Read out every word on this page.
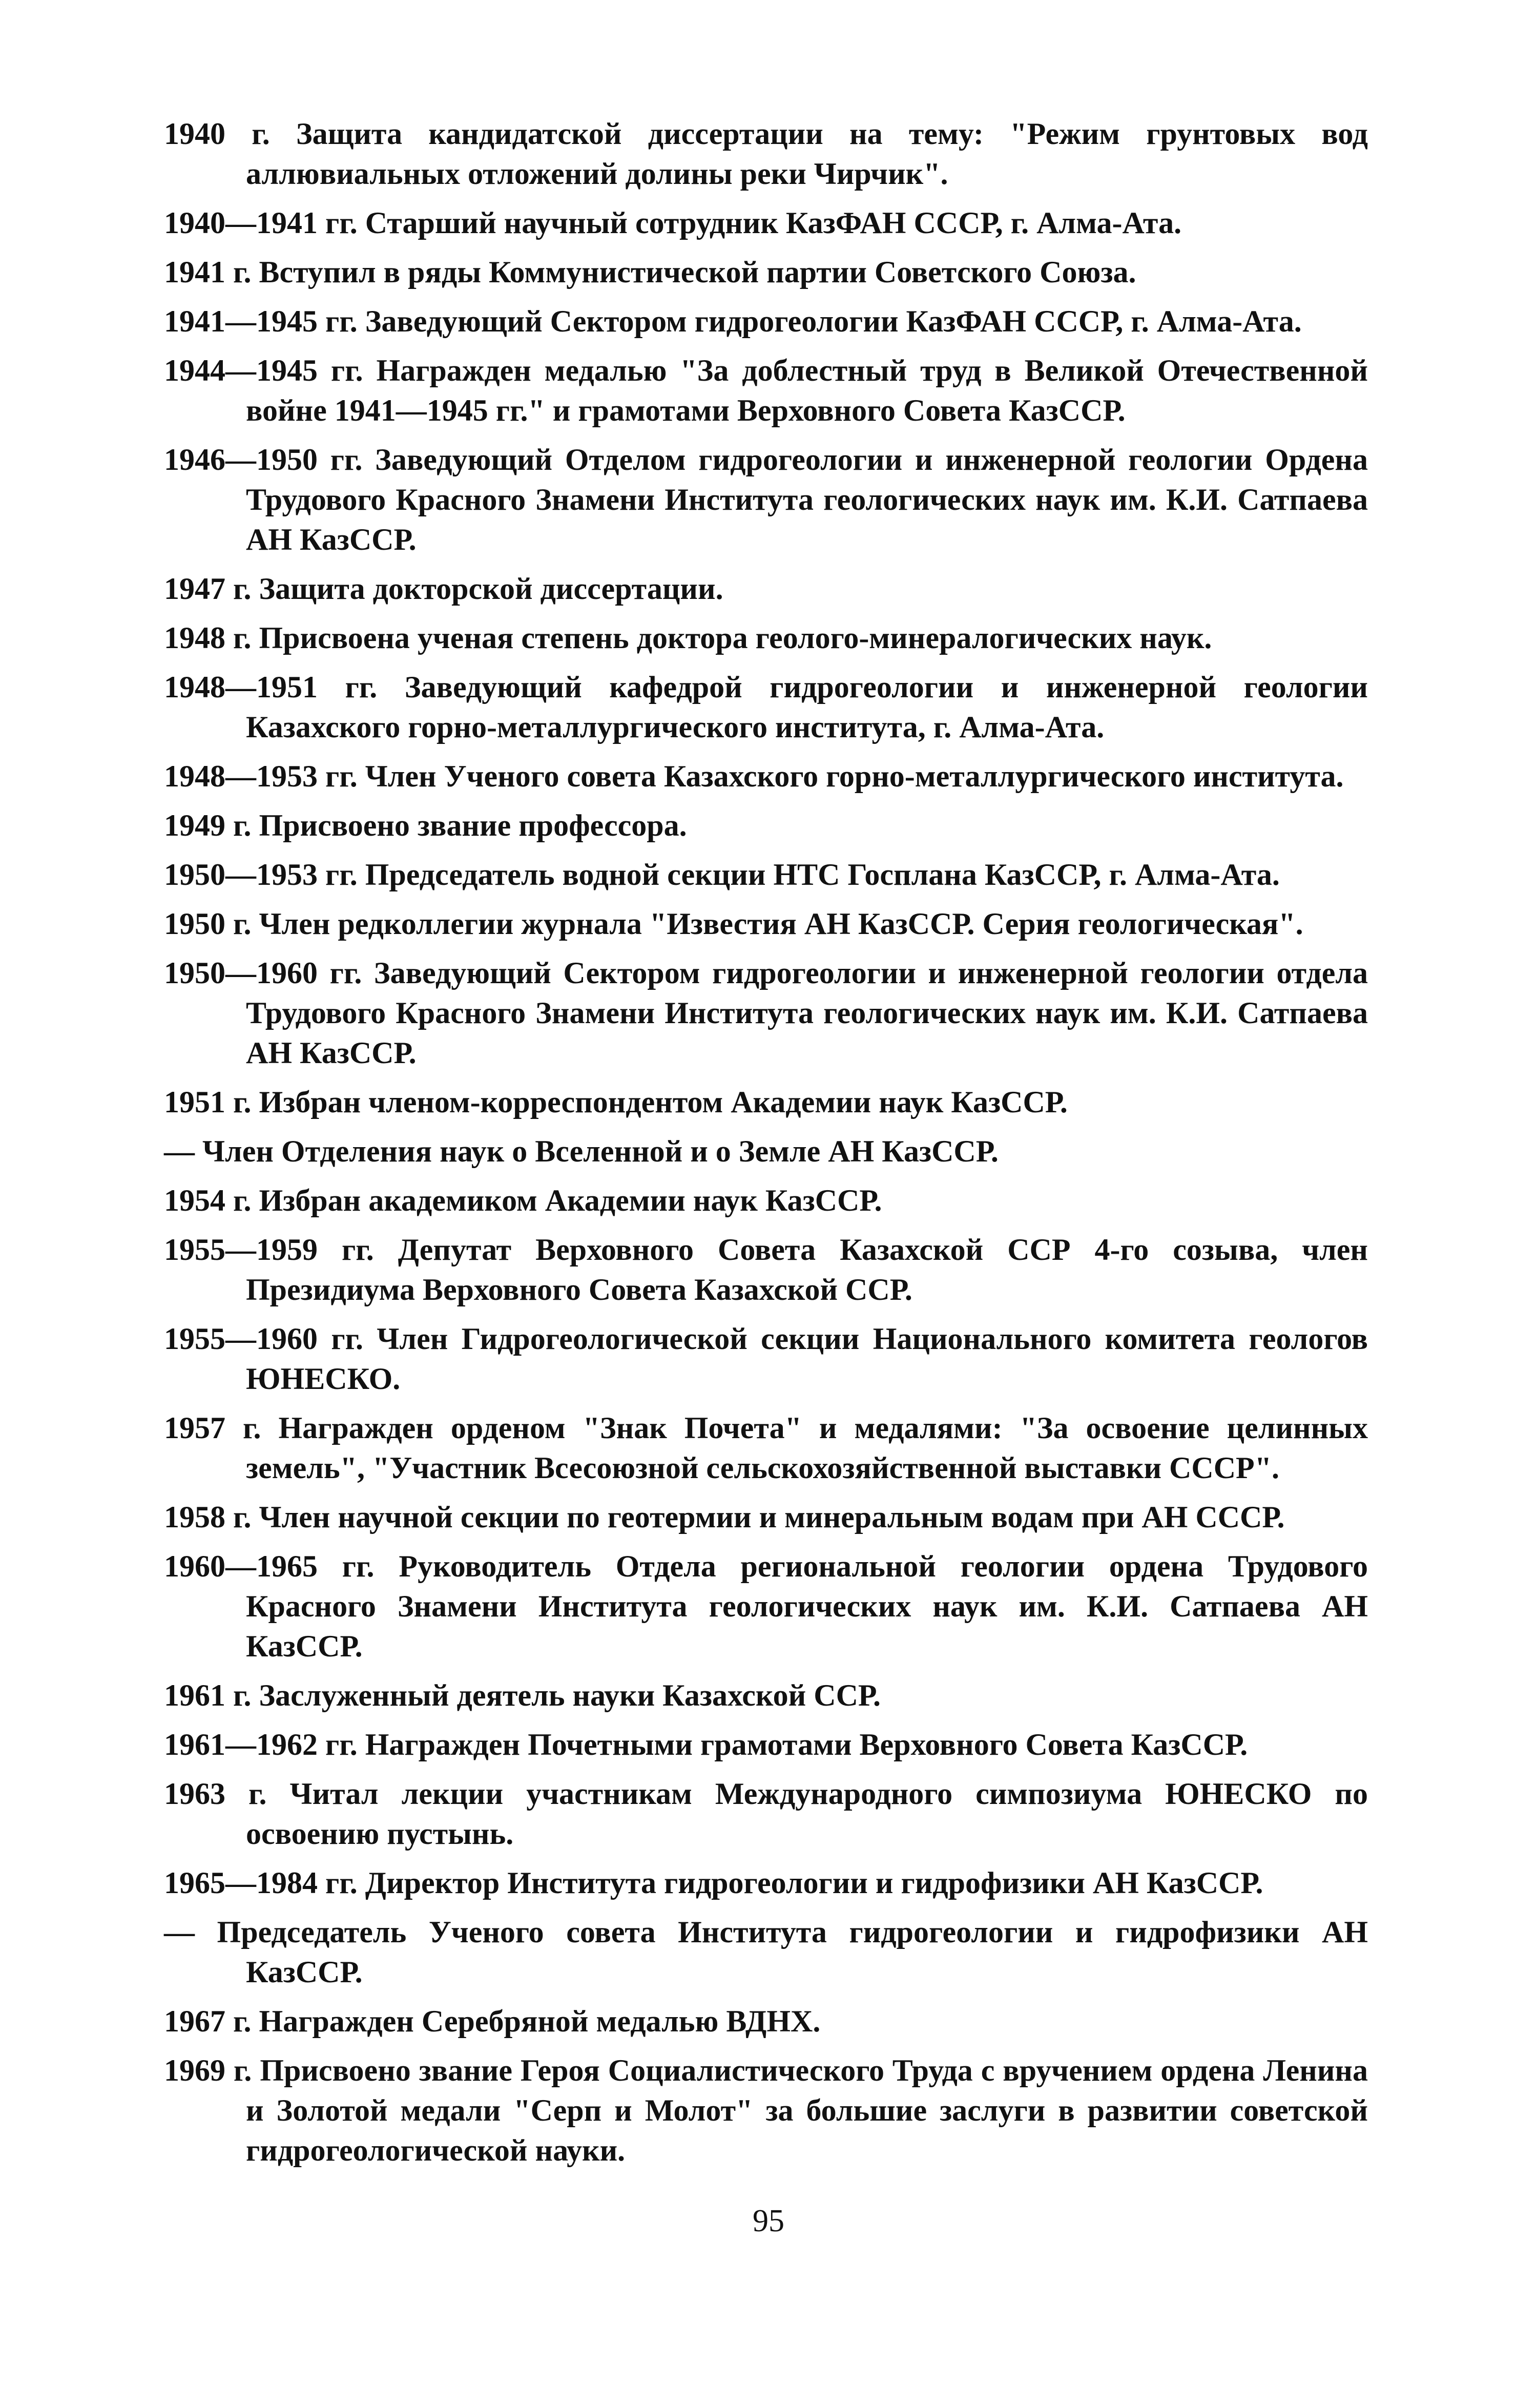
1940 г. Защита кандидатской диссертации на тему: "Режим грунтовых вод аллювиальных отложений долины реки Чирчик".

1940—1941 гг. Старший научный сотрудник КазФАН СССР, г. Алма-Ата.

1941 г. Вступил в ряды Коммунистической партии Советского Союза.

1941—1945 гг. Заведующий Сектором гидрогеологии КазФАН СССР, г. Алма-Ата.

1944—1945 гг. Награжден медалью "За доблестный труд в Великой Отечественной войне 1941—1945 гг." и грамотами Верховного Совета КазССР.

1946—1950 гг. Заведующий Отделом гидрогеологии и инженерной геологии Ордена Трудового Красного Знамени Института геологических наук им. К.И. Сатпаева АН КазССР.

1947 г. Защита докторской диссертации.

1948 г. Присвоена ученая степень доктора геолого-минералогических наук.

1948—1951 гг. Заведующий кафедрой гидрогеологии и инженерной геологии Казахского горно-металлургического института, г. Алма-Ата.

1948—1953 гг. Член Ученого совета Казахского горно-металлургического института.

1949 г. Присвоено звание профессора.

1950—1953 гг. Председатель водной секции НТС Госплана КазССР, г. Алма-Ата.

1950 г. Член редколлегии журнала "Известия АН КазССР. Серия геологическая".

1950—1960 гг. Заведующий Сектором гидрогеологии и инженерной геологии отдела Трудового Красного Знамени Института геологических наук им. К.И. Сатпаева АН КазССР.

1951 г. Избран членом-корреспондентом Академии наук КазССР.

— Член Отделения наук о Вселенной и о Земле АН КазССР.

1954 г. Избран академиком Академии наук КазССР.

1955—1959 гг. Депутат Верховного Совета Казахской ССР 4-го созыва, член Президиума Верховного Совета Казахской ССР.

1955—1960 гг. Член Гидрогеологической секции Национального комитета геологов ЮНЕСКО.

1957 г. Награжден орденом "Знак Почета" и медалями: "За освоение целинных земель", "Участник Всесоюзной сельскохозяйственной выставки СССР".

1958 г. Член научной секции по геотермии и минеральным водам при АН СССР.

1960—1965 гг. Руководитель Отдела региональной геологии ордена Трудового Красного Знамени Института геологических наук им. К.И. Сатпаева АН КазССР.

1961 г. Заслуженный деятель науки Казахской ССР.

1961—1962 гг. Награжден Почетными грамотами Верховного Совета КазССР.

1963 г. Читал лекции участникам Международного симпозиума ЮНЕСКО по освоению пустынь.

1965—1984 гг. Директор Института гидрогеологии и гидрофизики АН КазССР.

— Председатель Ученого совета Института гидрогеологии и гидрофизики АН КазССР.

1967 г. Награжден Серебряной медалью ВДНХ.

1969 г. Присвоено звание Героя Социалистического Труда с вручением ордена Ленина и Золотой медали "Серп и Молот" за большие заслуги в развитии советской гидрогеологической науки.

95
